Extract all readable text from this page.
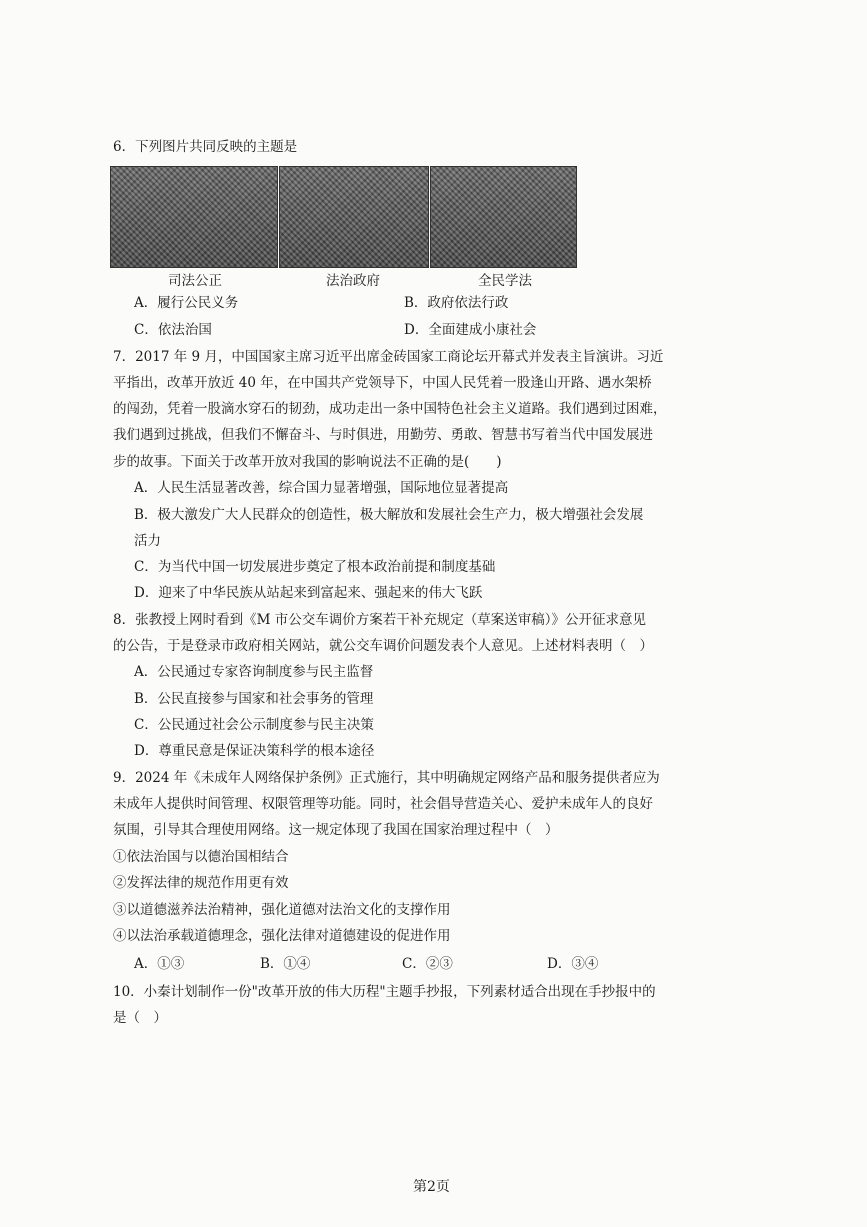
6．下列图片共同反映的主题是
司法公正	法治政府	全民学法
A．履行公民义务	B．政府依法行政
C．依法治国	D．全面建成小康社会
7．2017 年 9 月，中国国家主席习近平出席金砖国家工商论坛开幕式并发表主旨演讲。习近
平指出，改革开放近 40 年，在中国共产党领导下，中国人民凭着一股逢山开路、遇水架桥
的闯劲，凭着一股滴水穿石的韧劲，成功走出一条中国特色社会主义道路。我们遇到过困难，
我们遇到过挑战，但我们不懈奋斗、与时俱进，用勤劳、勇敢、智慧书写着当代中国发展进
步的故事。下面关于改革开放对我国的影响说法不正确的是(　　)
A．人民生活显著改善，综合国力显著增强，国际地位显著提高
B．极大激发广大人民群众的创造性，极大解放和发展社会生产力，极大增强社会发展
活力
C．为当代中国一切发展进步奠定了根本政治前提和制度基础
D．迎来了中华民族从站起来到富起来、强起来的伟大飞跃
8．张教授上网时看到《M 市公交车调价方案若干补充规定（草案送审稿）》公开征求意见
的公告，于是登录市政府相关网站，就公交车调价问题发表个人意见。上述材料表明（　）
A．公民通过专家咨询制度参与民主监督
B．公民直接参与国家和社会事务的管理
C．公民通过社会公示制度参与民主决策
D．尊重民意是保证决策科学的根本途径
9．2024 年《未成年人网络保护条例》正式施行，其中明确规定网络产品和服务提供者应为
未成年人提供时间管理、权限管理等功能。同时，社会倡导营造关心、爱护未成年人的良好
氛围，引导其合理使用网络。这一规定体现了我国在国家治理过程中（　）
①依法治国与以德治国相结合
②发挥法律的规范作用更有效
③以道德滋养法治精神，强化道德对法治文化的支撑作用
④以法治承载道德理念，强化法律对道德建设的促进作用
A．①③	B．①④	C．②③	D．③④
10．小秦计划制作一份"改革开放的伟大历程"主题手抄报，下列素材适合出现在手抄报中的
是（　）
第2页
